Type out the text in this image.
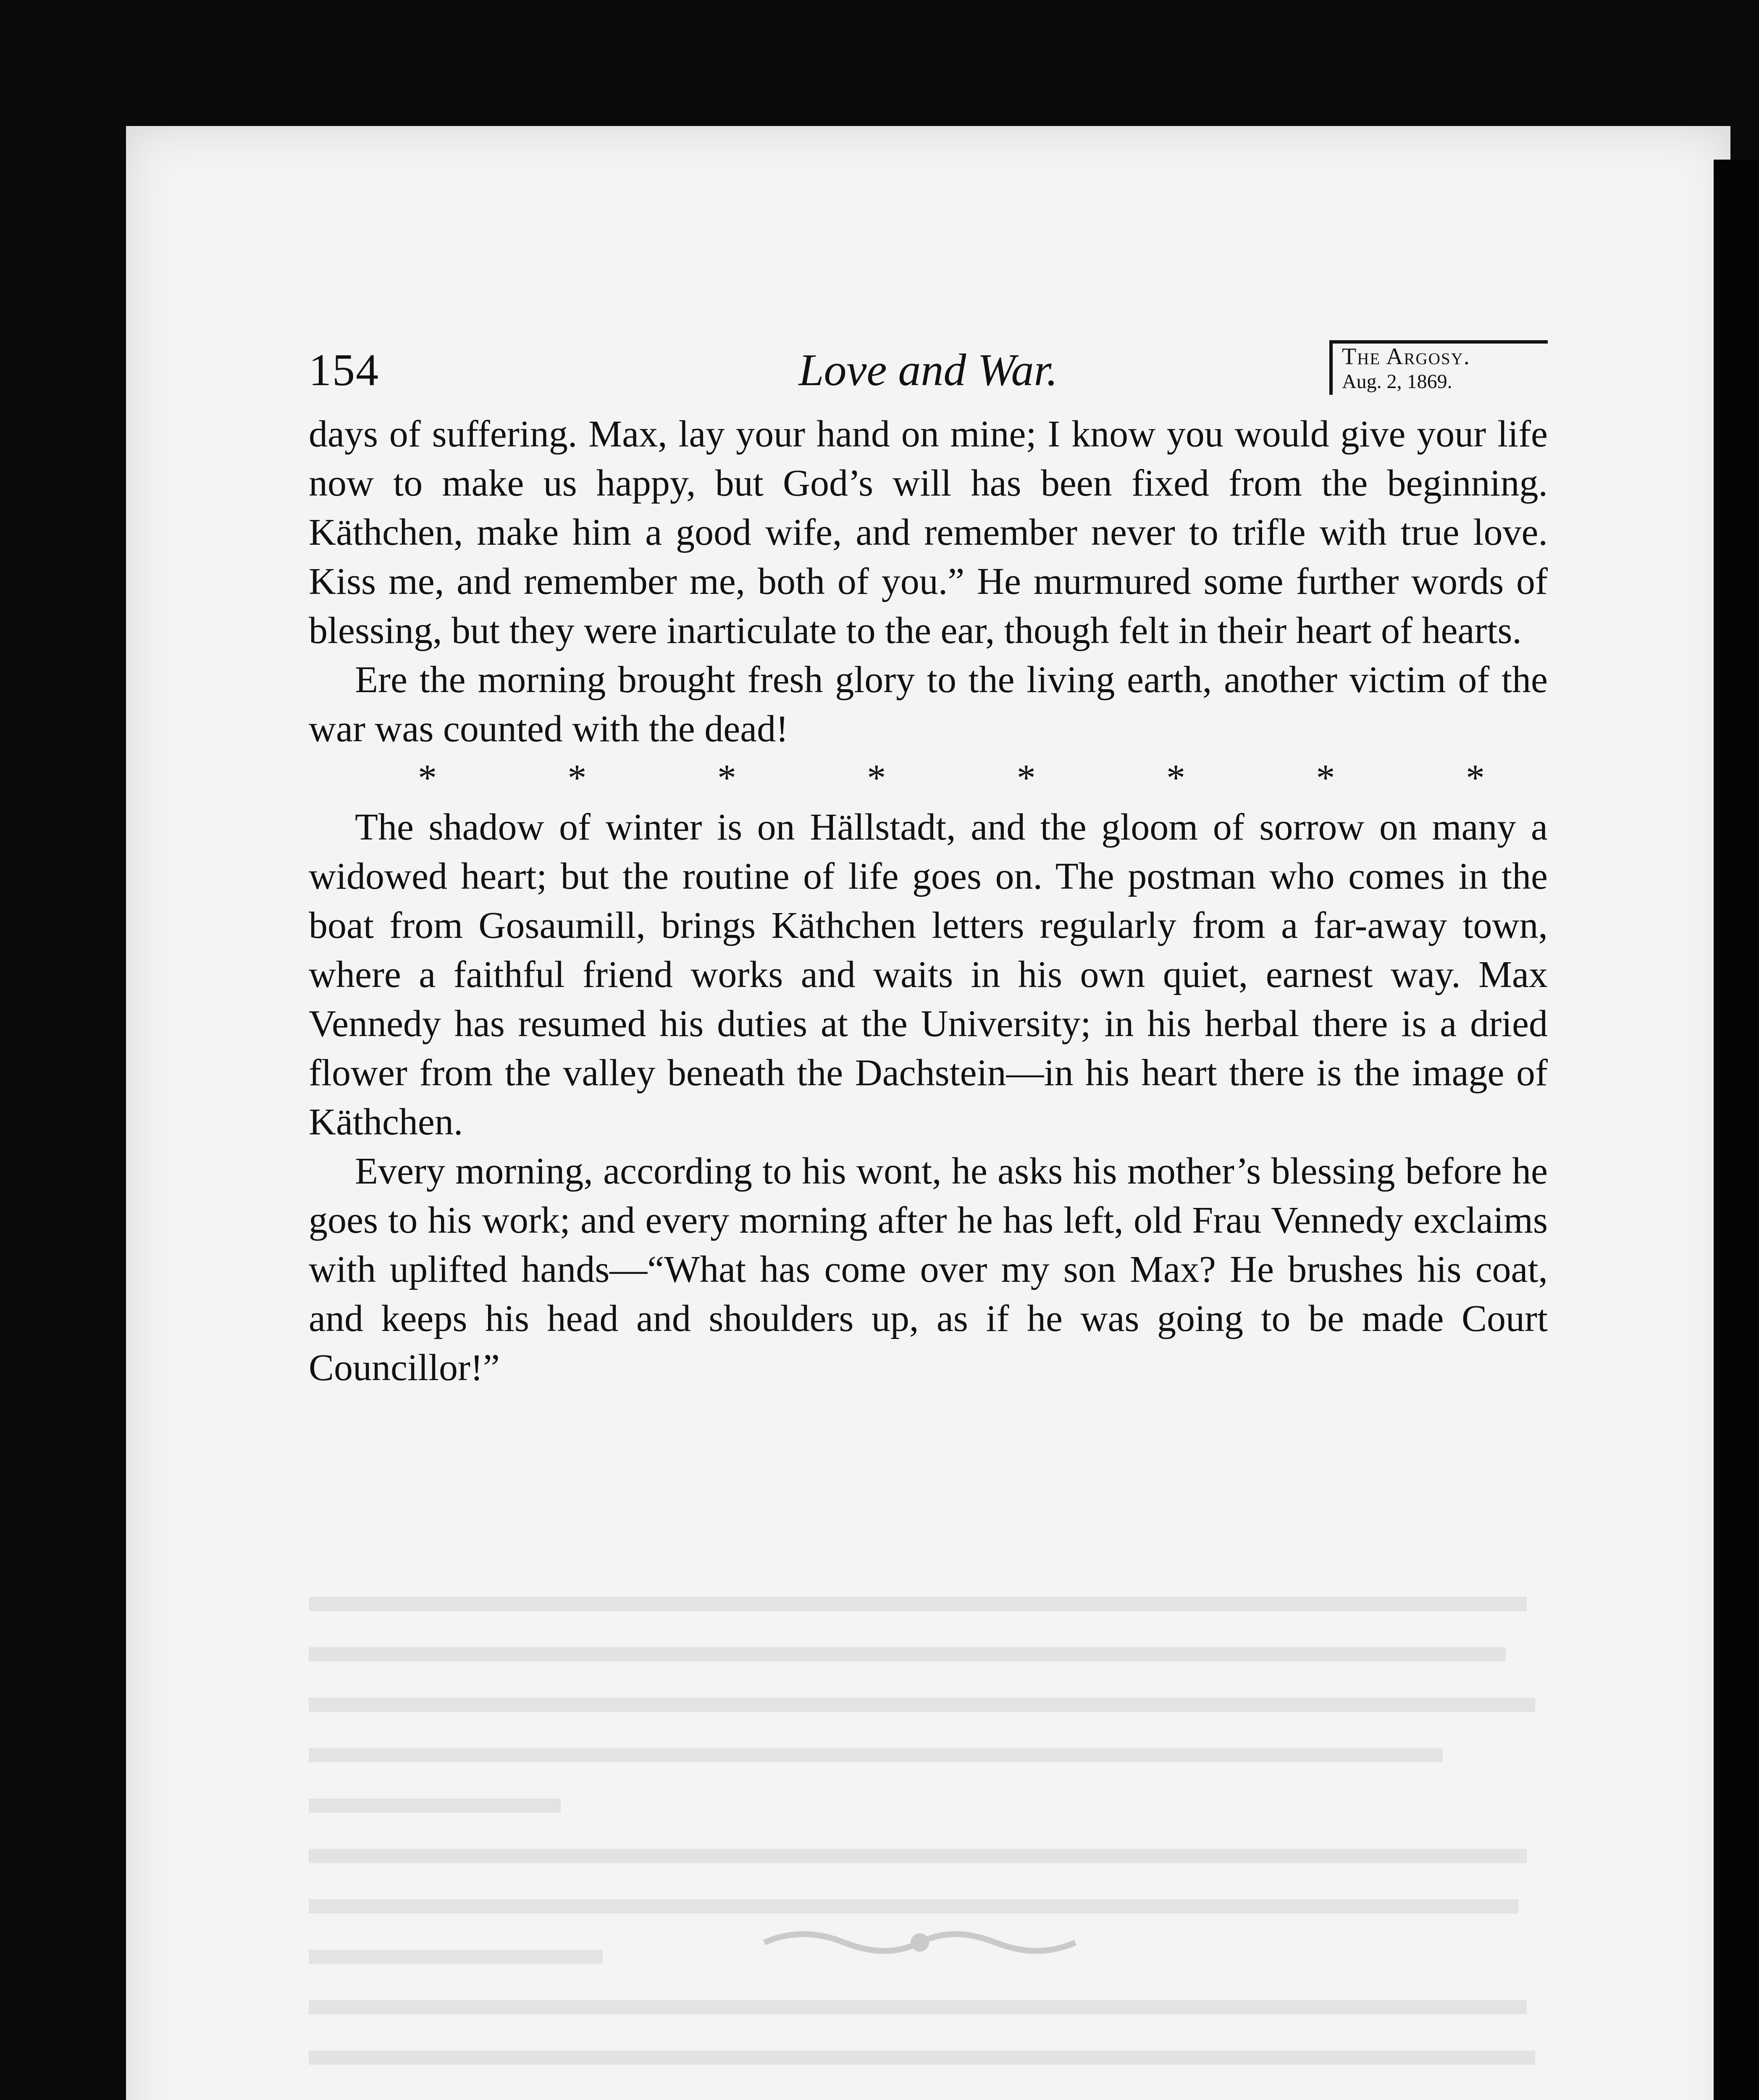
154	Love and War.	The Argosy.
Aug. 2, 1869.

days of suffering. Max, lay your hand on mine; I know you would give your life now to make us happy, but God’s will has been fixed from the beginning. Käthchen, make him a good wife, and remember never to trifle with true love. Kiss me, and remember me, both of you.” He murmured some further words of blessing, but they were inarticulate to the ear, though felt in their heart of hearts.

Ere the morning brought fresh glory to the living earth, another victim of the war was counted with the dead!

*	*	*	*	*	*	*	*

The shadow of winter is on Hällstadt, and the gloom of sorrow on many a widowed heart; but the routine of life goes on. The postman who comes in the boat from Gosaumill, brings Käthchen letters regularly from a far-away town, where a faithful friend works and waits in his own quiet, earnest way. Max Vennedy has resumed his duties at the University; in his herbal there is a dried flower from the valley beneath the Dachstein—in his heart there is the image of Käthchen.

Every morning, according to his wont, he asks his mother’s blessing before he goes to his work; and every morning after he has left, old Frau Vennedy exclaims with uplifted hands—“What has come over my son Max? He brushes his coat, and keeps his head and shoulders up, as if he was going to be made Court Councillor!”
